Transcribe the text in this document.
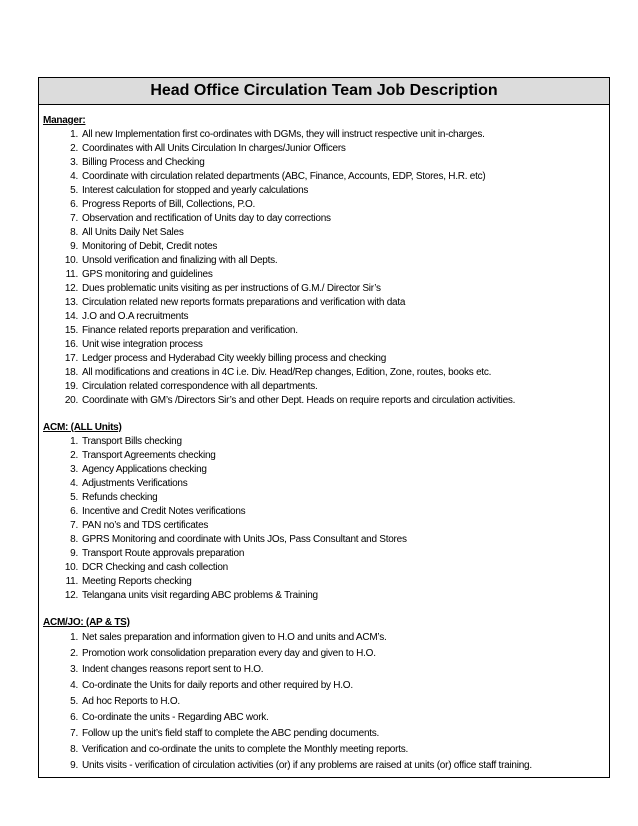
Head Office Circulation Team Job Description
Manager:
1. All new Implementation first co-ordinates with DGMs, they will instruct respective unit in-charges.
2. Coordinates with All Units Circulation In charges/Junior Officers
3. Billing Process and Checking
4. Coordinate with circulation related departments (ABC, Finance, Accounts, EDP, Stores, H.R. etc)
5. Interest calculation for stopped and yearly calculations
6. Progress Reports of Bill, Collections, P.O.
7. Observation and rectification of Units day to day corrections
8. All Units Daily Net Sales
9. Monitoring of Debit, Credit notes
10. Unsold verification and finalizing with all Depts.
11. GPS monitoring and guidelines
12. Dues problematic units visiting as per instructions of G.M./ Director Sir’s
13. Circulation related new reports formats preparations and verification with data
14. J.O and O.A recruitments
15. Finance related reports preparation and verification.
16. Unit wise integration process
17. Ledger process and Hyderabad City weekly billing process and checking
18. All modifications and creations in 4C i.e. Div. Head/Rep changes, Edition, Zone, routes, books etc.
19. Circulation related correspondence with all departments.
20. Coordinate with GM’s /Directors Sir’s and other Dept. Heads on require reports and circulation activities.
ACM: (ALL Units)
1. Transport Bills checking
2. Transport Agreements checking
3. Agency Applications checking
4. Adjustments Verifications
5. Refunds checking
6. Incentive and Credit Notes verifications
7. PAN no’s and TDS certificates
8. GPRS Monitoring and coordinate with Units JOs, Pass Consultant and Stores
9. Transport Route approvals preparation
10. DCR Checking and cash collection
11. Meeting Reports checking
12. Telangana units visit regarding ABC problems & Training
ACM/JO: (AP & TS)
1. Net sales preparation and information given to H.O and units and ACM’s.
2. Promotion work consolidation preparation every day and given to H.O.
3. Indent changes reasons report sent to H.O.
4. Co-ordinate the Units for daily reports and other required by H.O.
5. Ad hoc Reports to H.O.
6. Co-ordinate the units - Regarding ABC work.
7. Follow up the unit’s field staff to complete the ABC pending documents.
8. Verification and co-ordinate the units to complete the Monthly meeting reports.
9. Units visits - verification of circulation activities (or) if any problems are raised at units (or) office staff training.
